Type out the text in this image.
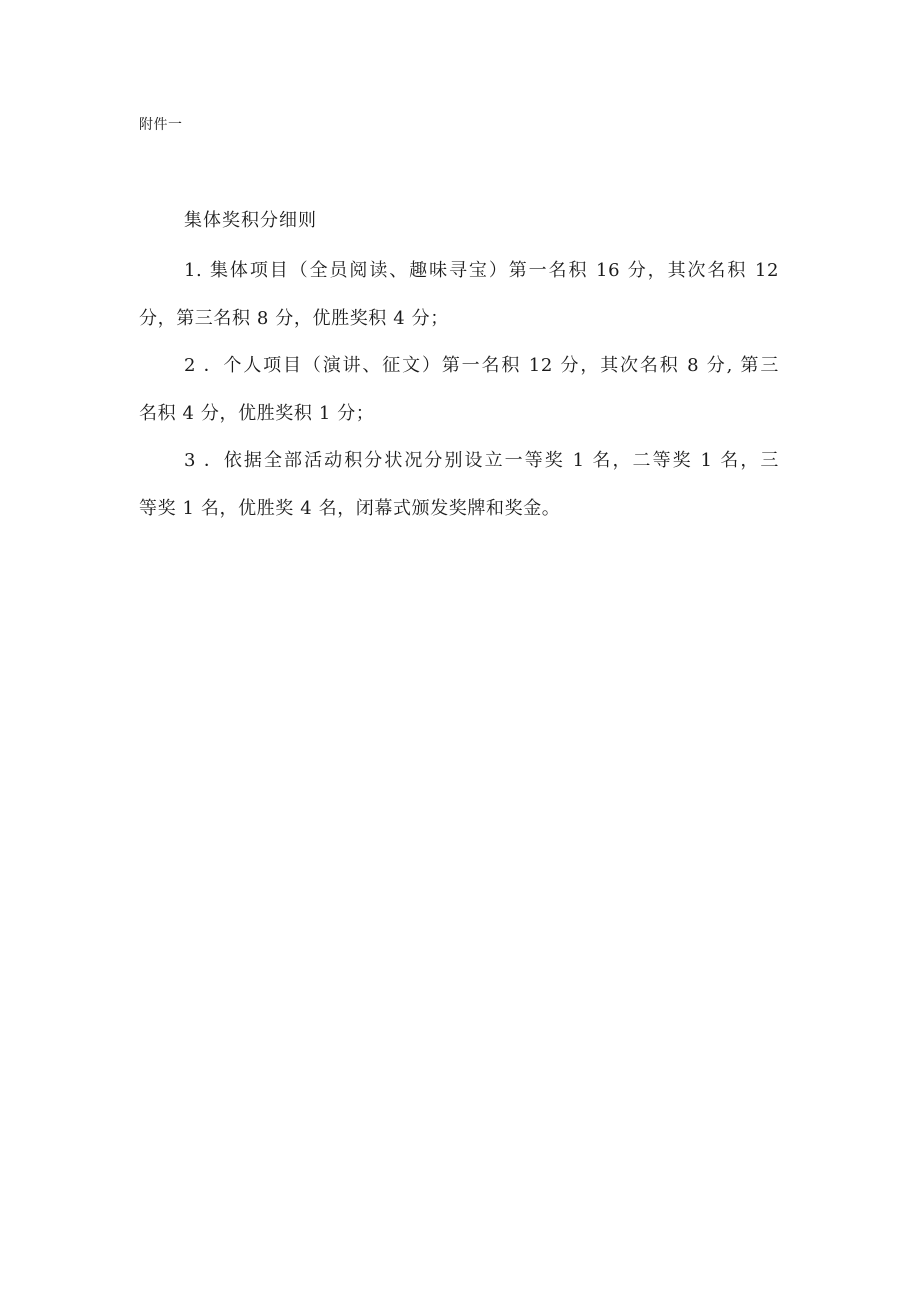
附件一
集体奖积分细则
1. 集体项目（全员阅读、趣味寻宝）第一名积 16 分，其次名积 12
分，第三名积 8 分，优胜奖积 4 分；
2 ．个人项目（演讲、征文）第一名积 12 分，其次名积 8 分, 第三
名积 4 分，优胜奖积 1 分；
3 ．依据全部活动积分状况分别设立一等奖 1 名，二等奖 1 名，三
等奖 1 名，优胜奖 4 名，闭幕式颁发奖牌和奖金。
